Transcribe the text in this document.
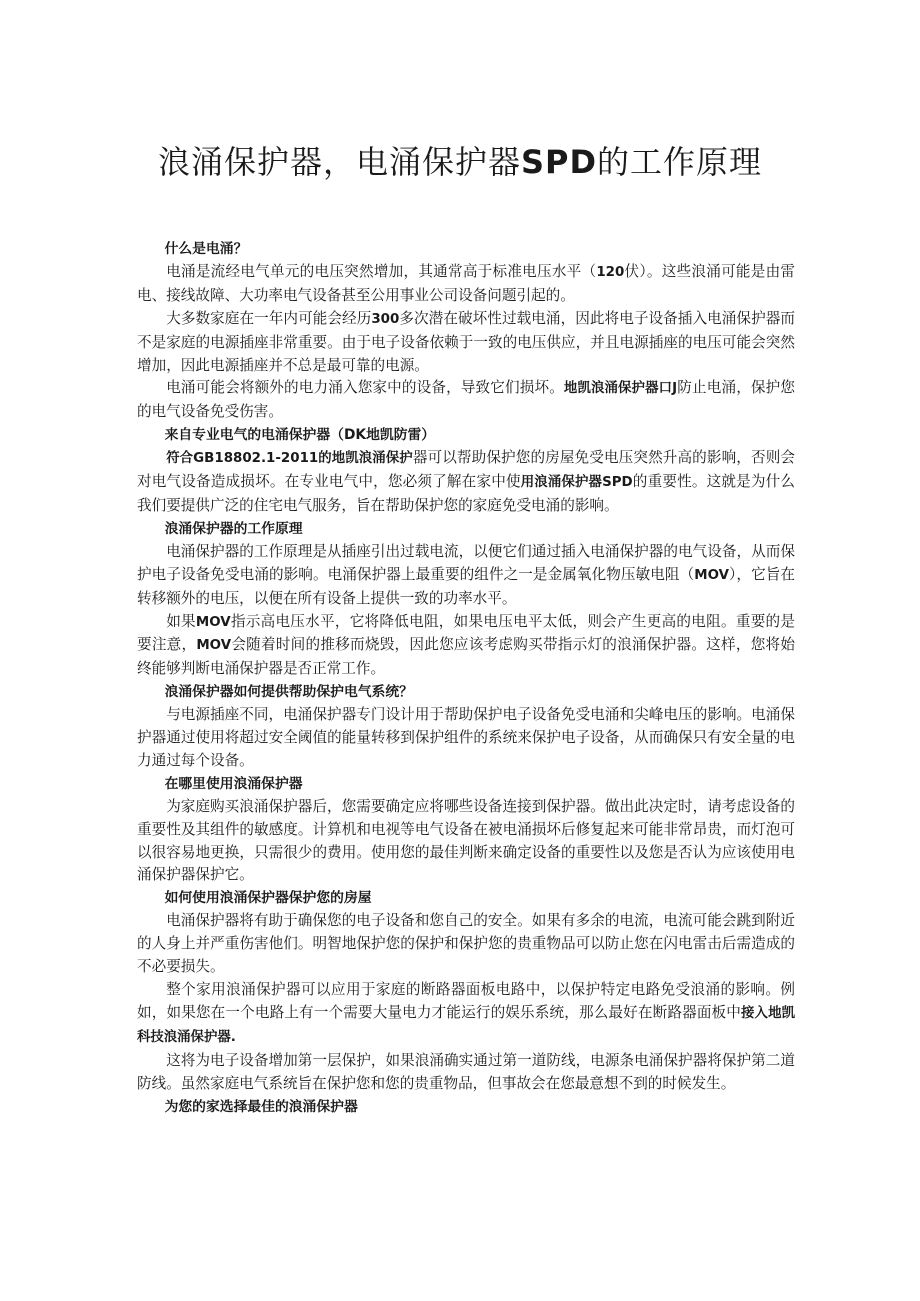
浪涌保护器，电涌保护器SPD的工作原理

什么是电涌？

电涌是流经电气单元的电压突然增加，其通常高于标准电压水平（120伏）。这些浪涌可能是由雷电、接线故障、大功率电气设备甚至公用事业公司设备问题引起的。

大多数家庭在一年内可能会经历300多次潜在破坏性过载电涌，因此将电子设备插入电涌保护器而不是家庭的电源插座非常重要。由于电子设备依赖于一致的电压供应，并且电源插座的电压可能会突然增加，因此电源插座并不总是最可靠的电源。

电涌可能会将额外的电力涌入您家中的设备，导致它们损坏。地凯浪涌保护器口J防止电涌，保护您的电气设备免受伤害。

来自专业电气的电涌保护器（DK地凯防雷）

符合GB18802.1-2011的地凯浪涌保护器可以帮助保护您的房屋免受电压突然升高的影响，否则会对电气设备造成损坏。在专业电气中，您必须了解在家中使用浪涌保护器SPD的重要性。这就是为什么我们要提供广泛的住宅电气服务，旨在帮助保护您的家庭免受电涌的影响。

浪涌保护器的工作原理

电涌保护器的工作原理是从插座引出过载电流，以便它们通过插入电涌保护器的电气设备，从而保护电子设备免受电涌的影响。电涌保护器上最重要的组件之一是金属氧化物压敏电阻（MOV），它旨在转移额外的电压，以便在所有设备上提供一致的功率水平。

如果MOV指示高电压水平，它将降低电阻，如果电压电平太低，则会产生更高的电阻。重要的是要注意，MOV会随着时间的推移而烧毁，因此您应该考虑购买带指示灯的浪涌保护器。这样，您将始终能够判断电涌保护器是否正常工作。

浪涌保护器如何提供帮助保护电气系统？

与电源插座不同，电涌保护器专门设计用于帮助保护电子设备免受电涌和尖峰电压的影响。电涌保护器通过使用将超过安全阈值的能量转移到保护组件的系统来保护电子设备，从而确保只有安全量的电力通过每个设备。

在哪里使用浪涌保护器

为家庭购买浪涌保护器后，您需要确定应将哪些设备连接到保护器。做出此决定时，请考虑设备的重要性及其组件的敏感度。计算机和电视等电气设备在被电涌损坏后修复起来可能非常昂贵，而灯泡可以很容易地更换，只需很少的费用。使用您的最佳判断来确定设备的重要性以及您是否认为应该使用电涌保护器保护它。

如何使用浪涌保护器保护您的房屋

电涌保护器将有助于确保您的电子设备和您自己的安全。如果有多余的电流，电流可能会跳到附近的人身上并严重伤害他们。明智地保护您的保护和保护您的贵重物品可以防止您在闪电雷击后需造成的不必要损失。

整个家用浪涌保护器可以应用于家庭的断路器面板电路中，以保护特定电路免受浪涌的影响。例如，如果您在一个电路上有一个需要大量电力才能运行的娱乐系统，那么最好在断路器面板中接入地凯科技浪涌保护器.

这将为电子设备增加第一层保护，如果浪涌确实通过第一道防线，电源条电涌保护器将保护第二道防线。虽然家庭电气系统旨在保护您和您的贵重物品，但事故会在您最意想不到的时候发生。

为您的家选择最佳的浪涌保护器
